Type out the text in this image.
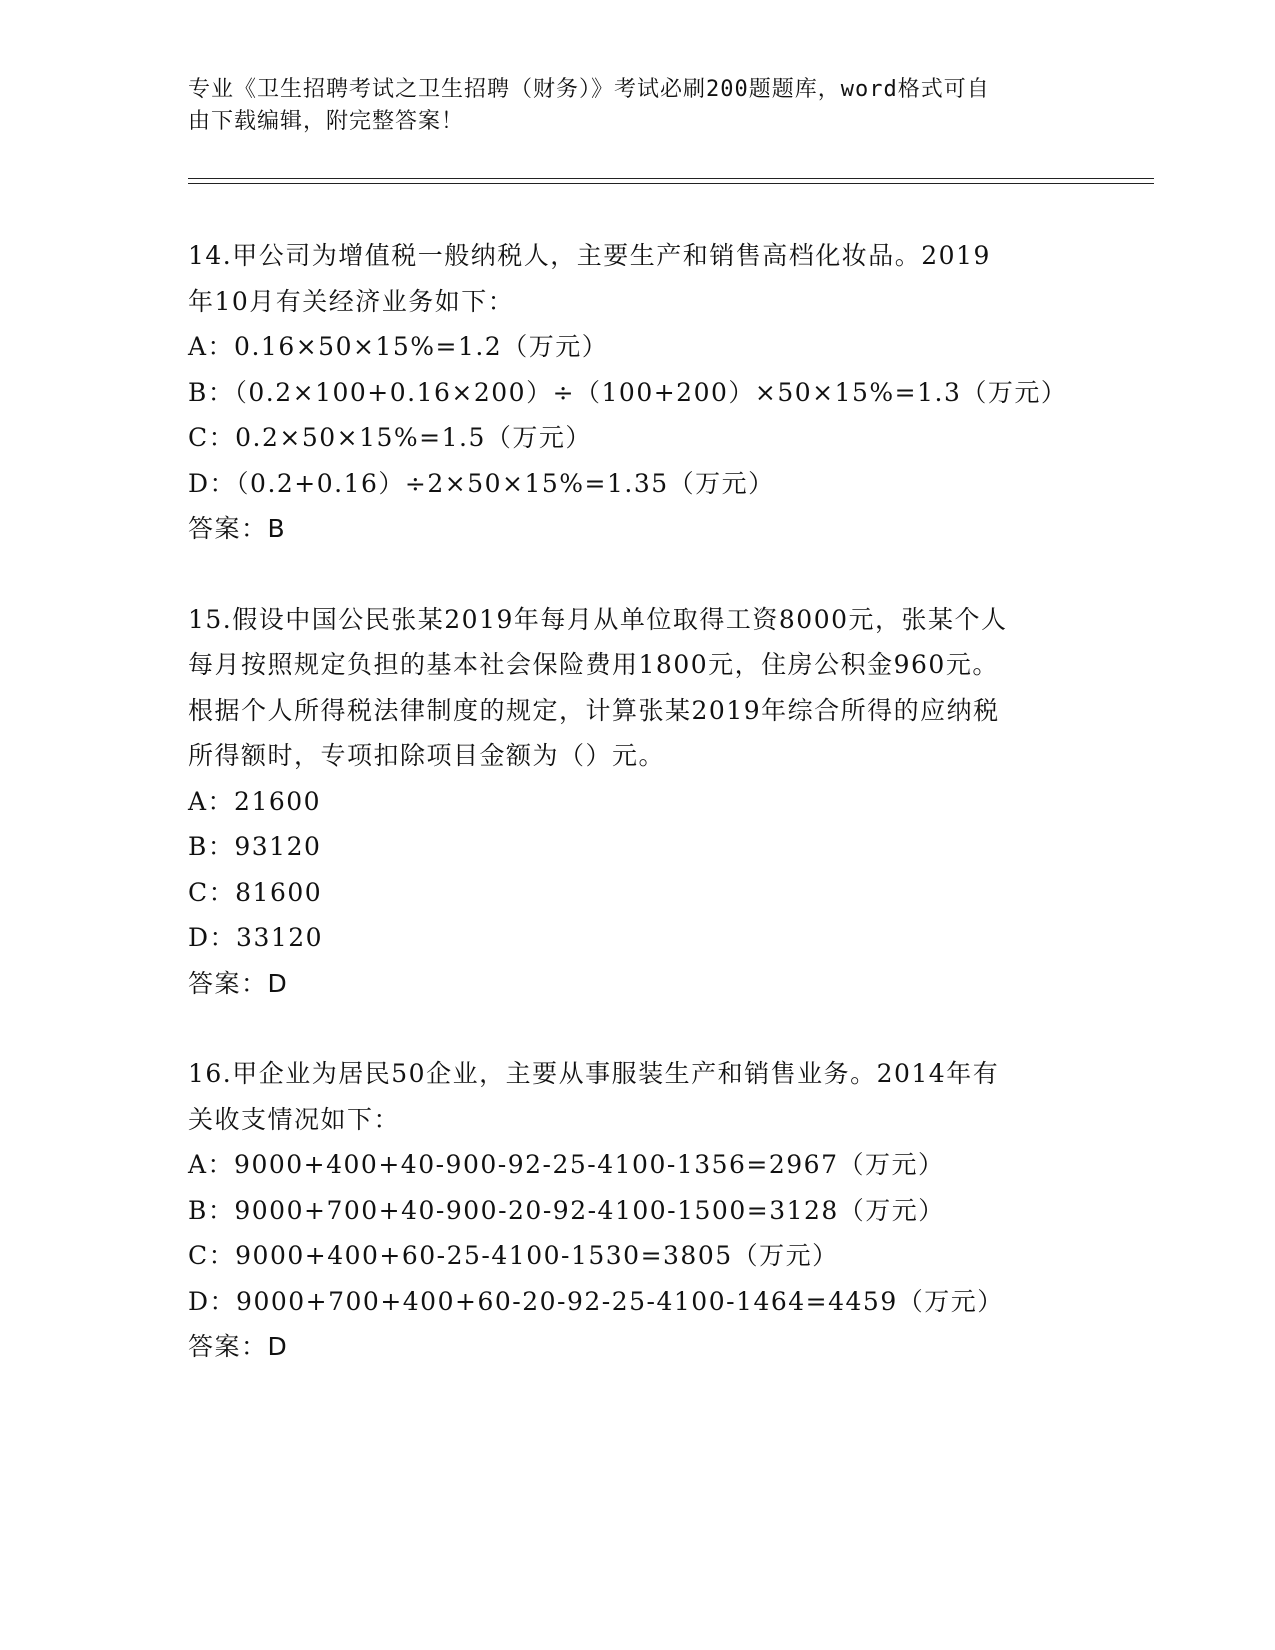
专业《卫生招聘考试之卫生招聘（财务）》考试必刷200题题库，word格式可自
由下载编辑，附完整答案！
14.甲公司为增值税一般纳税人，主要生产和销售高档化妆品。2019
年10月有关经济业务如下：
A：0.16×50×15%=1.2（万元）
B：（0.2×100+0.16×200）÷（100+200）×50×15%=1.3（万元）
C：0.2×50×15%=1.5（万元）
D：（0.2+0.16）÷2×50×15%=1.35（万元）
答案：B
15.假设中国公民张某2019年每月从单位取得工资8000元，张某个人
每月按照规定负担的基本社会保险费用1800元，住房公积金960元。
根据个人所得税法律制度的规定，计算张某2019年综合所得的应纳税
所得额时，专项扣除项目金额为（）元。
A：21600
B：93120
C：81600
D：33120
答案：D
16.甲企业为居民50企业，主要从事服装生产和销售业务。2014年有
关收支情况如下：
A：9000+400+40-900-92-25-4100-1356=2967（万元）
B：9000+700+40-900-20-92-4100-1500=3128（万元）
C：9000+400+60-25-4100-1530=3805（万元）
D：9000+700+400+60-20-92-25-4100-1464=4459（万元）
答案：D
